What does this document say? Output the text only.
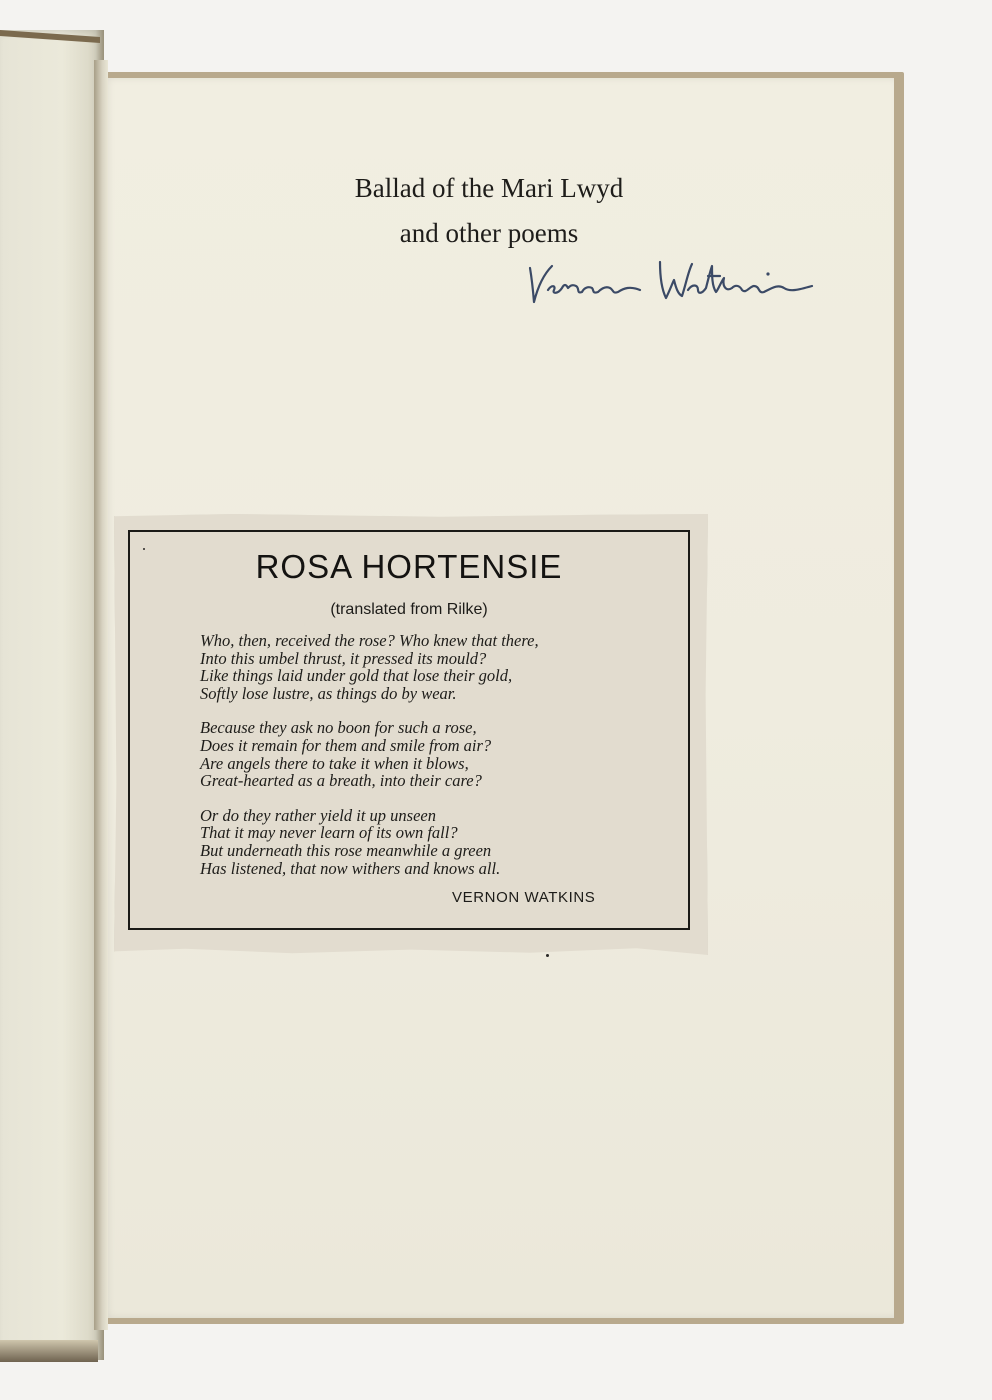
Ballad of the Mari Lwyd
and other poems
ROSA HORTENSIE
(translated from Rilke)
Who, then, received the rose? Who knew that there,
Into this umbel thrust, it pressed its mould?
Like things laid under gold that lose their gold,
Softly lose lustre, as things do by wear.
Because they ask no boon for such a rose,
Does it remain for them and smile from air?
Are angels there to take it when it blows,
Great-hearted as a breath, into their care?
Or do they rather yield it up unseen
That it may never learn of its own fall?
But underneath this rose meanwhile a green
Has listened, that now withers and knows all.
VERNON WATKINS
